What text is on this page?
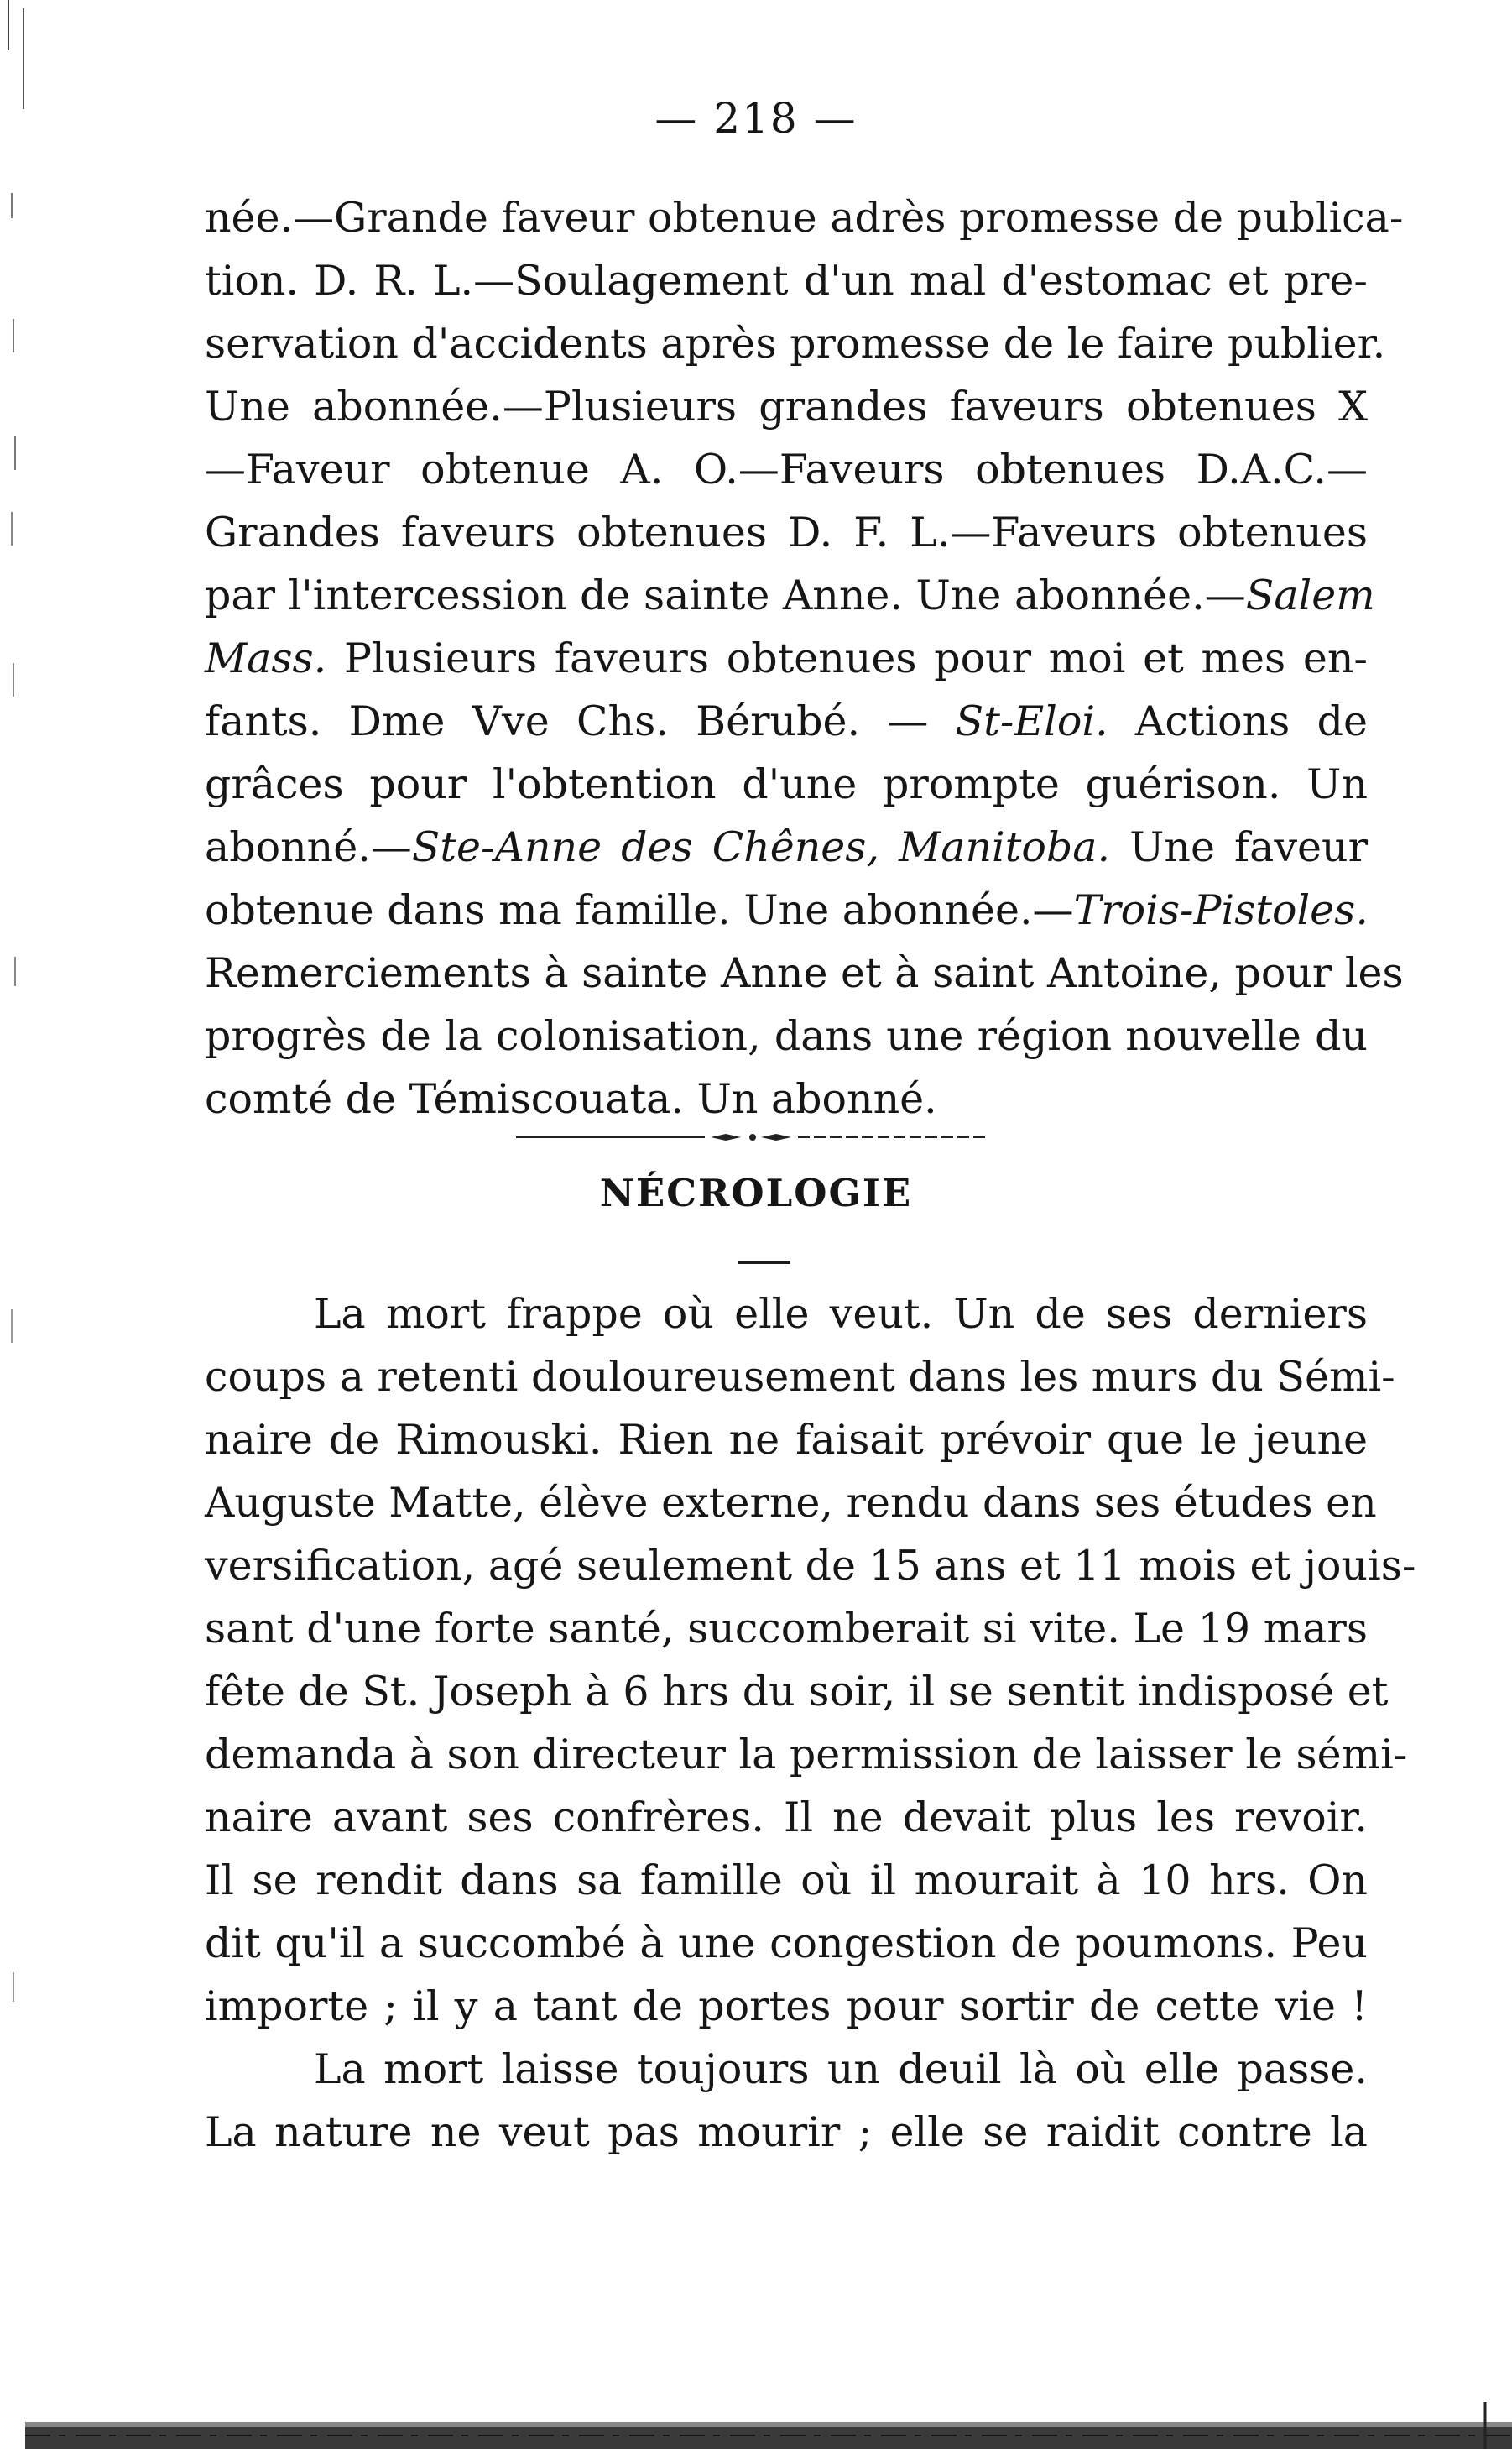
— 218 —
née.—Grande faveur obtenue adrès promesse de publica-
tion. D. R. L.—Soulagement d'un mal d'estomac et pre-
servation d'accidents après promesse de le faire publier.
Une abonnée.—Plusieurs grandes faveurs obtenues X
—Faveur obtenue A. O.—Faveurs obtenues D.A.C.—
Grandes faveurs obtenues D. F. L.—Faveurs obtenues
par l'intercession de sainte Anne. Une abonnée.—Salem
Mass. Plusieurs faveurs obtenues pour moi et mes en-
fants. Dme Vve Chs. Bérubé. — St-Eloi. Actions de
grâces pour l'obtention d'une prompte guérison. Un
abonné.—Ste-Anne des Chênes, Manitoba. Une faveur
obtenue dans ma famille. Une abonnée.—Trois-Pistoles.
Remerciements à sainte Anne et à saint Antoine, pour les
progrès de la colonisation, dans une région nouvelle du
comté de Témiscouata. Un abonné.
NÉCROLOGIE
La mort frappe où elle veut. Un de ses derniers
coups a retenti douloureusement dans les murs du Sémi-
naire de Rimouski. Rien ne faisait prévoir que le jeune
Auguste Matte, élève externe, rendu dans ses études en
versification, agé seulement de 15 ans et 11 mois et jouis-
sant d'une forte santé, succomberait si vite. Le 19 mars
fête de St. Joseph à 6 hrs du soir, il se sentit indisposé et
demanda à son directeur la permission de laisser le sémi-
naire avant ses confrères. Il ne devait plus les revoir.
Il se rendit dans sa famille où il mourait à 10 hrs. On
dit qu'il a succombé à une congestion de poumons. Peu
importe ; il y a tant de portes pour sortir de cette vie !
La mort laisse toujours un deuil là où elle passe.
La nature ne veut pas mourir ; elle se raidit contre la
